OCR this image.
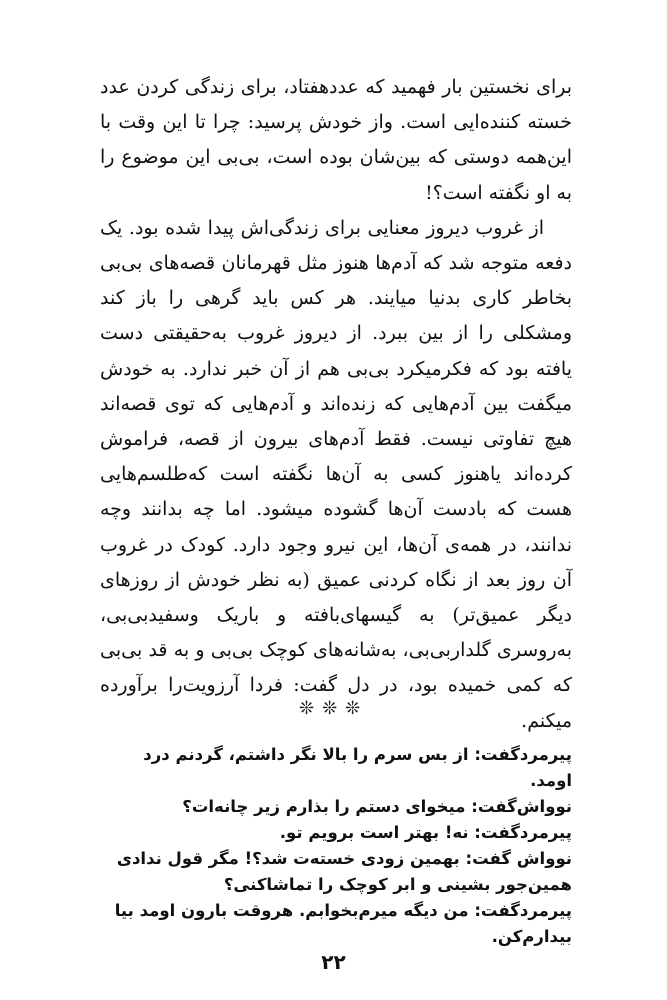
برای نخستین بار فهمید که عددهفتاد، برای زندگی کردن عدد خسته کننده‌ایی است. واز خودش پرسید: چرا تا این وقت با این‌همه دوستی که بین‌شان بوده است، بی‌بی این موضوع را به او نگفته است؟!

از غروب دیروز معنایی برای زندگی‌اش پیدا شده بود. یک دفعه متوجه شد که آدم‌ها هنوز مثل قهرمانان قصه‌های بی‌بی بخاطر کاری بدنیا میایند. هر کس باید گرهی را باز کند ومشکلی را از بین ببرد. از دیروز غروب به‌حقیقتی دست یافته بود که فکرمیکرد بی‌بی هم از آن خبر ندارد. به خودش میگفت بین آدم‌هایی که زنده‌اند و آدم‌هایی که توی قصه‌اند هیچ تفاوتی نیست. فقط آدم‌های بیرون از قصه، فراموش کرده‌اند یاهنوز کسی به آن‌ها نگفته است که‌طلسم‌هایی هست که بادست آن‌ها گشوده میشود. اما چه بدانند وچه ندانند، در همه‌ی آن‌ها، این نیرو وجود دارد. کودک در غروب آن روز بعد از نگاه کردنی عمیق (به نظر خودش از روزهای دیگر عمیق‌تر) به گیسهای‌بافته و باریک وسفیدبی‌بی، به‌روسری گلداربی‌بی، به‌شانه‌های کوچک بی‌بی و به قد بی‌بی که کمی خمیده بود، در دل گفت: فردا آرزویت‌را برآورده میکنم.

❊❊❊

پیرمردگفت: از بس سرم را بالا نگر داشتم، گردنم درد اومد.

نوواش‌گفت: میخوای دستم را بذارم زیر چانه‌ات؟

پیرمردگفت: نه! بهتر است برویم تو.

نوواش گفت: بهمین زودی خسته‌ت شد؟! مگر قول ندادی همین‌جور بشینی و ابر کوچک را تماشاکنی؟

پیرمردگفت: من دیگه میرم‌بخوابم. هروقت بارون اومد بیا بیدارم‌کن.

۲۲
